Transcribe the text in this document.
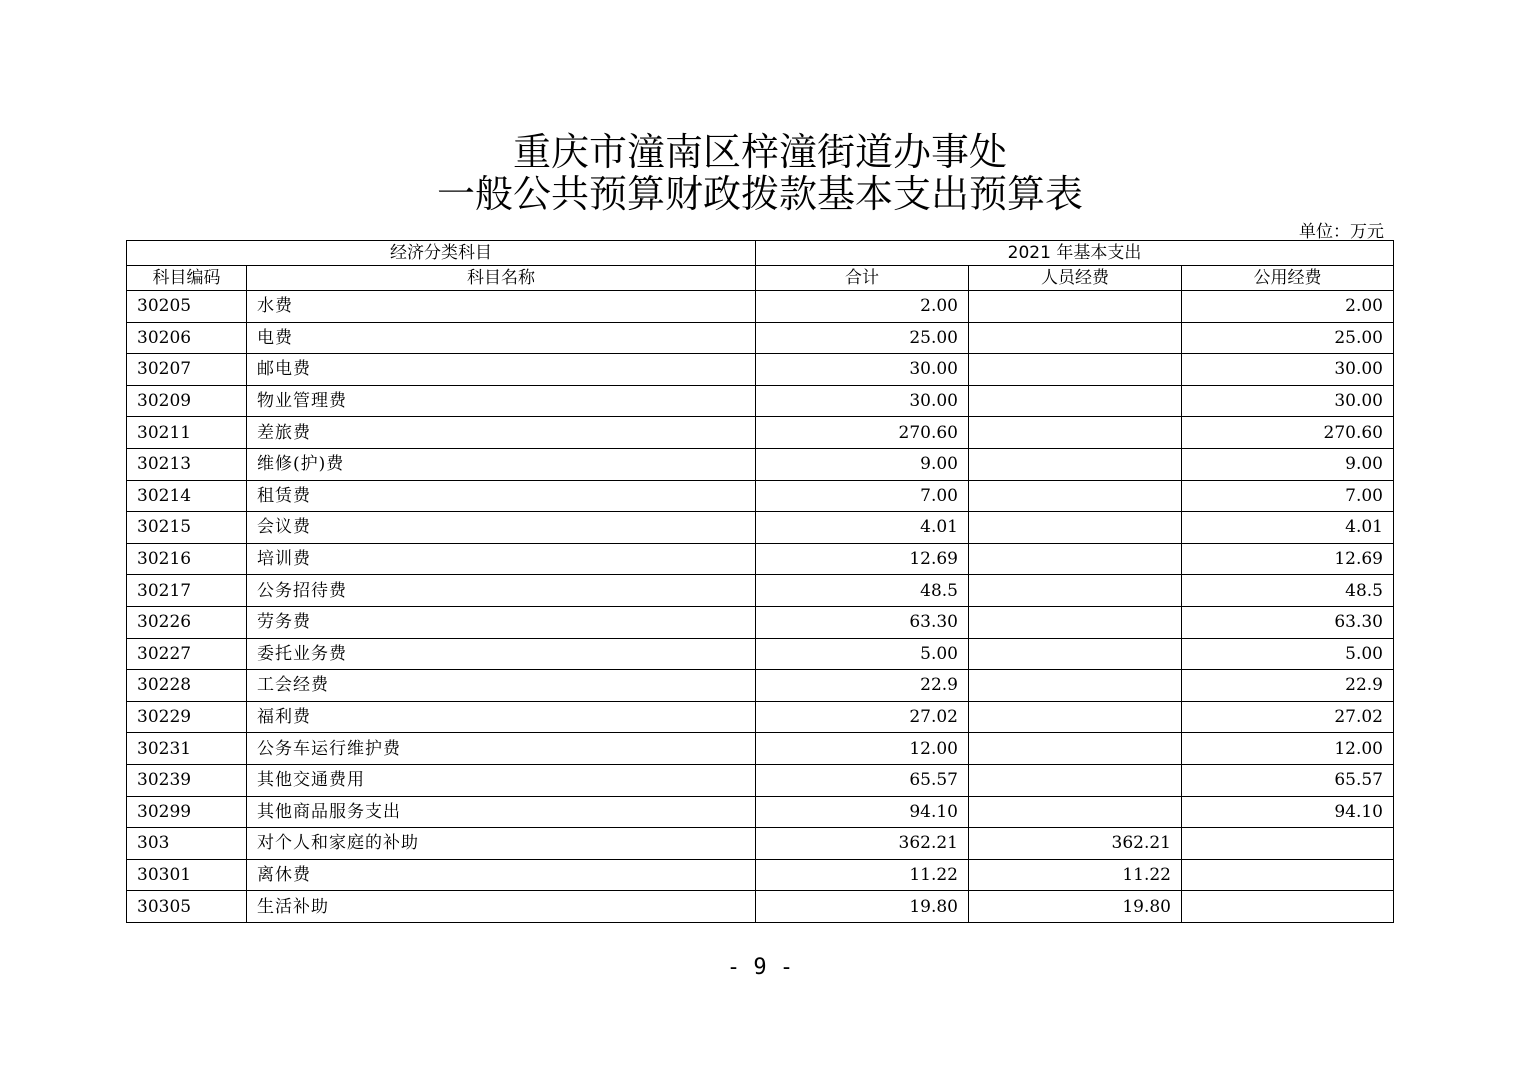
重庆市潼南区梓潼街道办事处
一般公共预算财政拨款基本支出预算表
单位：万元
经济分类科目		2021 年基本支出		
科目编码	科目名称	合计	人员经费	公用经费
30205	水费	2.00		2.00
30206	电费	25.00		25.00
30207	邮电费	30.00		30.00
30209	物业管理费	30.00		30.00
30211	差旅费	270.60		270.60
30213	维修(护)费	9.00		9.00
30214	租赁费	7.00		7.00
30215	会议费	4.01		4.01
30216	培训费	12.69		12.69
30217	公务招待费	48.5		48.5
30226	劳务费	63.30		63.30
30227	委托业务费	5.00		5.00
30228	工会经费	22.9		22.9
30229	福利费	27.02		27.02
30231	公务车运行维护费	12.00		12.00
30239	其他交通费用	65.57		65.57
30299	其他商品服务支出	94.10		94.10
303	对个人和家庭的补助	362.21	362.21	
30301	离休费	11.22	11.22	
30305	生活补助	19.80	19.80	
- 9 -
